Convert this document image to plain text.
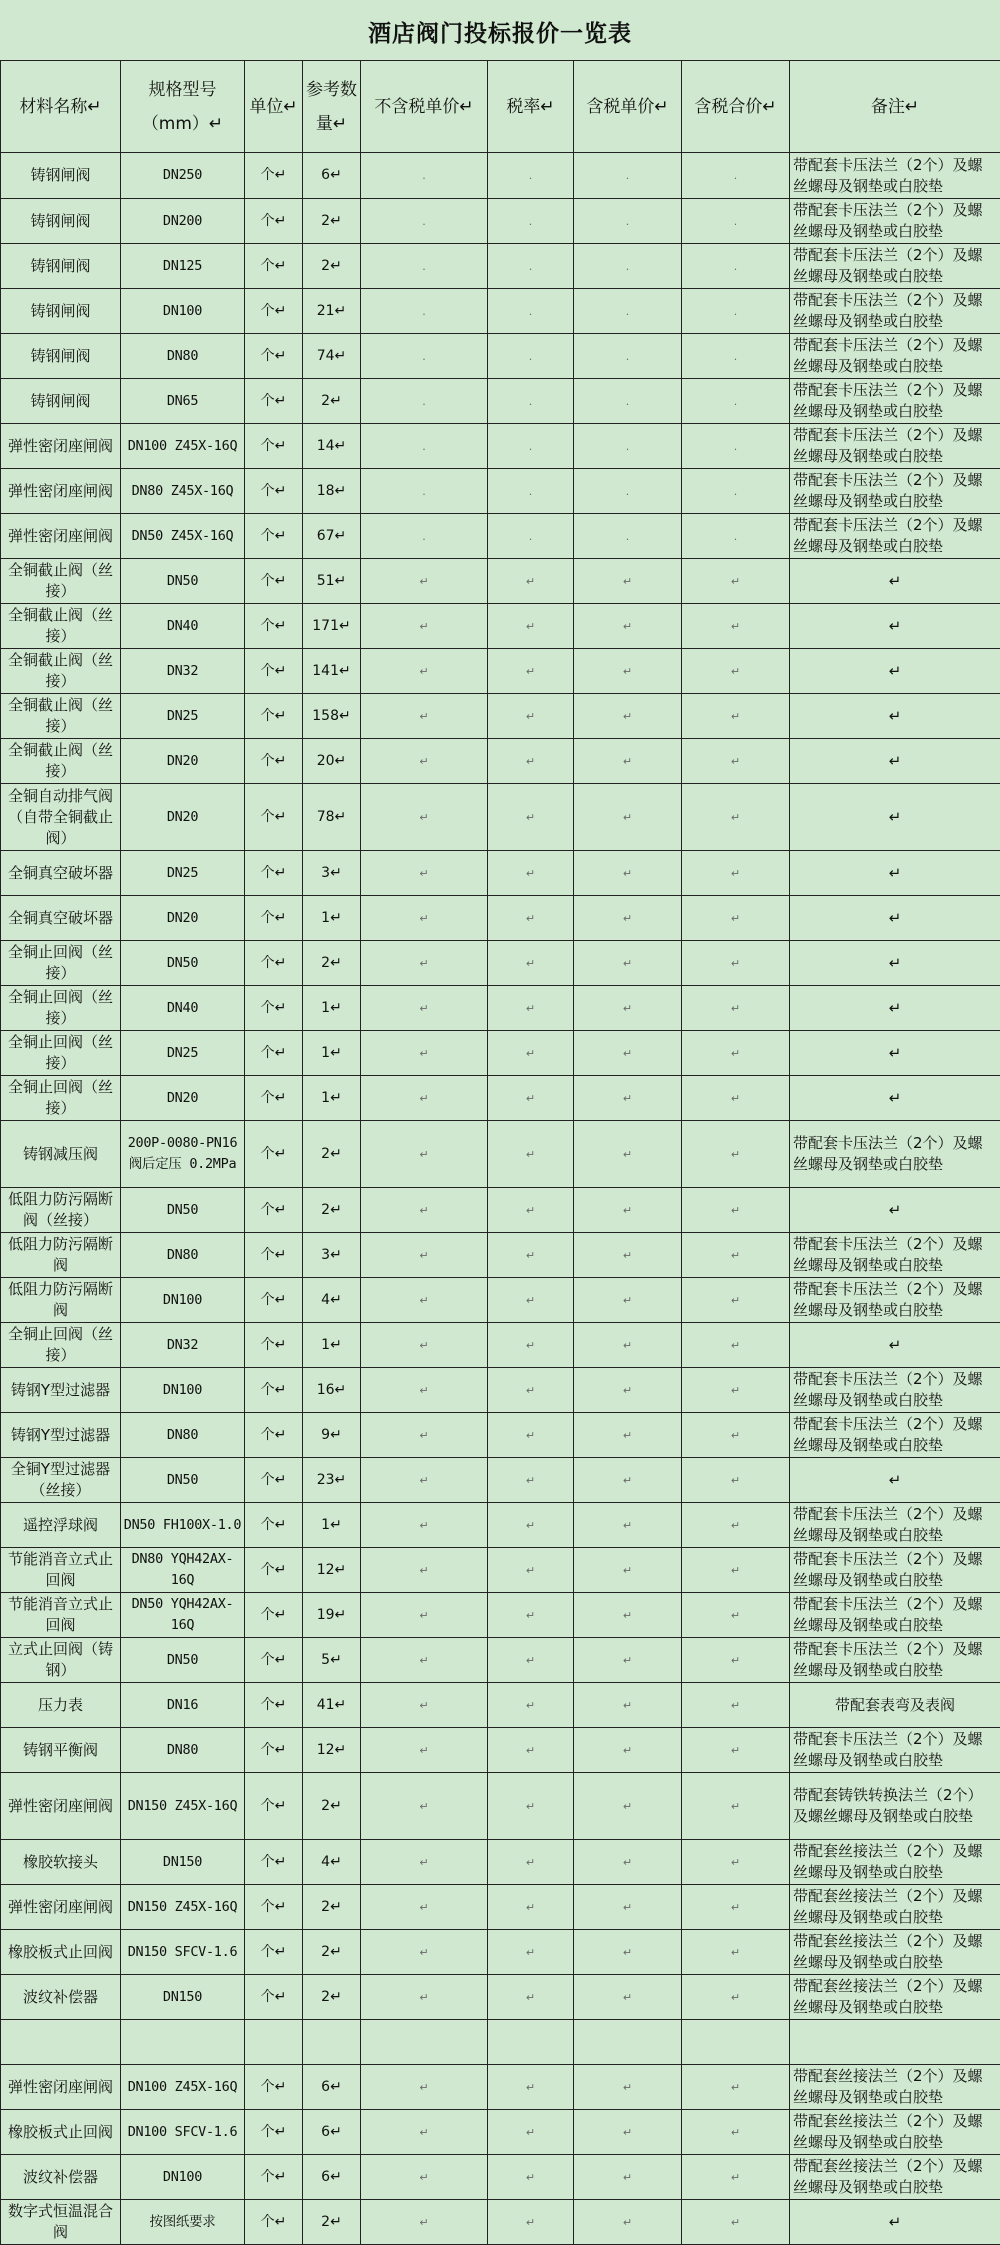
酒店阀门投标报价一览表
材料名称↵	规格型号（mm）↵	单位↵	参考数量↵	不含税单价↵	税率↵	含税单价↵	含税合价↵	备注↵
铸钢闸阀	DN250	个↵	6↵	.	.	.	.	带配套卡压法兰（2个）及螺丝螺母及钢垫或白胶垫
铸钢闸阀	DN200	个↵	2↵	.	.	.	.	带配套卡压法兰（2个）及螺丝螺母及钢垫或白胶垫
铸钢闸阀	DN125	个↵	2↵	.	.	.	.	带配套卡压法兰（2个）及螺丝螺母及钢垫或白胶垫
铸钢闸阀	DN100	个↵	21↵	.	.	.	.	带配套卡压法兰（2个）及螺丝螺母及钢垫或白胶垫
铸钢闸阀	DN80	个↵	74↵	.	.	.	.	带配套卡压法兰（2个）及螺丝螺母及钢垫或白胶垫
铸钢闸阀	DN65	个↵	2↵	.	.	.	.	带配套卡压法兰（2个）及螺丝螺母及钢垫或白胶垫
弹性密闭座闸阀	DN100 Z45X-16Q	个↵	14↵	.	.	.	.	带配套卡压法兰（2个）及螺丝螺母及钢垫或白胶垫
弹性密闭座闸阀	DN80 Z45X-16Q	个↵	18↵	.	.	.	.	带配套卡压法兰（2个）及螺丝螺母及钢垫或白胶垫
弹性密闭座闸阀	DN50 Z45X-16Q	个↵	67↵	.	.	.	.	带配套卡压法兰（2个）及螺丝螺母及钢垫或白胶垫
全铜截止阀（丝接）	DN50	个↵	51↵	↵	↵	↵	↵	↵
全铜截止阀（丝接）	DN40	个↵	171↵	↵	↵	↵	↵	↵
全铜截止阀（丝接）	DN32	个↵	141↵	↵	↵	↵	↵	↵
全铜截止阀（丝接）	DN25	个↵	158↵	↵	↵	↵	↵	↵
全铜截止阀（丝接）	DN20	个↵	20↵	↵	↵	↵	↵	↵
全铜自动排气阀（自带全铜截止阀）	DN20	个↵	78↵	↵	↵	↵	↵	↵
全铜真空破坏器	DN25	个↵	3↵	↵	↵	↵	↵	↵
全铜真空破坏器	DN20	个↵	1↵	↵	↵	↵	↵	↵
全铜止回阀（丝接）	DN50	个↵	2↵	↵	↵	↵	↵	↵
全铜止回阀（丝接）	DN40	个↵	1↵	↵	↵	↵	↵	↵
全铜止回阀（丝接）	DN25	个↵	1↵	↵	↵	↵	↵	↵
全铜止回阀（丝接）	DN20	个↵	1↵	↵	↵	↵	↵	↵
铸钢减压阀	200P-0080-PN16 阀后定压 0.2MPa	个↵	2↵	↵	↵	↵	↵	带配套卡压法兰（2个）及螺丝螺母及钢垫或白胶垫
低阻力防污隔断阀（丝接）	DN50	个↵	2↵	↵	↵	↵	↵	↵
低阻力防污隔断阀	DN80	个↵	3↵	↵	↵	↵	↵	带配套卡压法兰（2个）及螺丝螺母及钢垫或白胶垫
低阻力防污隔断阀	DN100	个↵	4↵	↵	↵	↵	↵	带配套卡压法兰（2个）及螺丝螺母及钢垫或白胶垫
全铜止回阀（丝接）	DN32	个↵	1↵	↵	↵	↵	↵	↵
铸钢Y型过滤器	DN100	个↵	16↵	↵	↵	↵	↵	带配套卡压法兰（2个）及螺丝螺母及钢垫或白胶垫
铸钢Y型过滤器	DN80	个↵	9↵	↵	↵	↵	↵	带配套卡压法兰（2个）及螺丝螺母及钢垫或白胶垫
全铜Y型过滤器（丝接）	DN50	个↵	23↵	↵	↵	↵	↵	↵
遥控浮球阀	DN50 FH100X-1.0	个↵	1↵	↵	↵	↵	↵	带配套卡压法兰（2个）及螺丝螺母及钢垫或白胶垫
节能消音立式止回阀	DN80 YQH42AX-16Q	个↵	12↵	↵	↵	↵	↵	带配套卡压法兰（2个）及螺丝螺母及钢垫或白胶垫
节能消音立式止回阀	DN50 YQH42AX-16Q	个↵	19↵	↵	↵	↵	↵	带配套卡压法兰（2个）及螺丝螺母及钢垫或白胶垫
立式止回阀（铸钢）	DN50	个↵	5↵	↵	↵	↵	↵	带配套卡压法兰（2个）及螺丝螺母及钢垫或白胶垫
压力表	DN16	个↵	41↵	↵	↵	↵	↵	带配套表弯及表阀
铸钢平衡阀	DN80	个↵	12↵	↵	↵	↵	↵	带配套卡压法兰（2个）及螺丝螺母及钢垫或白胶垫
弹性密闭座闸阀	DN150 Z45X-16Q	个↵	2↵	↵	↵	↵	↵	带配套铸铁转换法兰（2个）及螺丝螺母及钢垫或白胶垫
橡胶软接头	DN150	个↵	4↵	↵	↵	↵	↵	带配套丝接法兰（2个）及螺丝螺母及钢垫或白胶垫
弹性密闭座闸阀	DN150 Z45X-16Q	个↵	2↵	↵	↵	↵	↵	带配套丝接法兰（2个）及螺丝螺母及钢垫或白胶垫
橡胶板式止回阀	DN150 SFCV-1.6	个↵	2↵	↵	↵	↵	↵	带配套丝接法兰（2个）及螺丝螺母及钢垫或白胶垫
波纹补偿器	DN150	个↵	2↵	↵	↵	↵	↵	带配套丝接法兰（2个）及螺丝螺母及钢垫或白胶垫

弹性密闭座闸阀	DN100 Z45X-16Q	个↵	6↵	↵	↵	↵	↵	带配套丝接法兰（2个）及螺丝螺母及钢垫或白胶垫
橡胶板式止回阀	DN100 SFCV-1.6	个↵	6↵	↵	↵	↵	↵	带配套丝接法兰（2个）及螺丝螺母及钢垫或白胶垫
波纹补偿器	DN100	个↵	6↵	↵	↵	↵	↵	带配套丝接法兰（2个）及螺丝螺母及钢垫或白胶垫
数字式恒温混合阀	按图纸要求	个↵	2↵	↵	↵	↵	↵	↵
